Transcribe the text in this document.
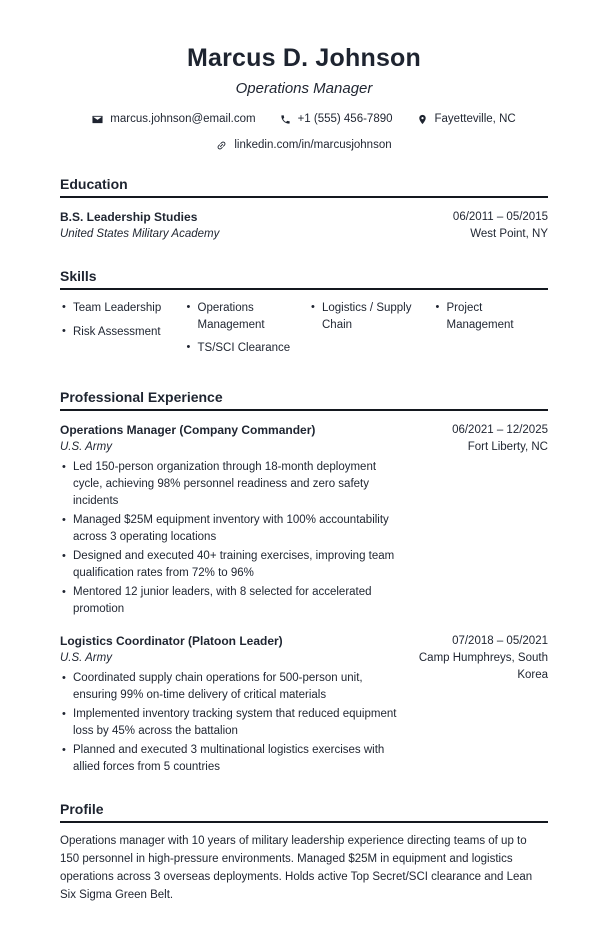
Marcus D. Johnson
Operations Manager
marcus.johnson@email.com	+1 (555) 456-7890	Fayetteville, NC
linkedin.com/in/marcusjohnson
Education
B.S. Leadership Studies
United States Military Academy
06/2011 – 05/2015
West Point, NY
Skills
• Team Leadership
• Risk Assessment
• Operations Management
• TS/SCI Clearance
• Logistics / Supply Chain
• Project Management
Professional Experience
Operations Manager (Company Commander)
U.S. Army
• Led 150-person organization through 18-month deployment cycle, achieving 98% personnel readiness and zero safety incidents
• Managed $25M equipment inventory with 100% accountability across 3 operating locations
• Designed and executed 40+ training exercises, improving team qualification rates from 72% to 96%
• Mentored 12 junior leaders, with 8 selected for accelerated promotion
06/2021 – 12/2025
Fort Liberty, NC
Logistics Coordinator (Platoon Leader)
U.S. Army
• Coordinated supply chain operations for 500-person unit, ensuring 99% on-time delivery of critical materials
• Implemented inventory tracking system that reduced equipment loss by 45% across the battalion
• Planned and executed 3 multinational logistics exercises with allied forces from 5 countries
07/2018 – 05/2021
Camp Humphreys, South Korea
Profile

Operations manager with 10 years of military leadership experience directing teams of up to 150 personnel in high-pressure environments. Managed $25M in equipment and logistics operations across 3 overseas deployments. Holds active Top Secret/SCI clearance and Lean Six Sigma Green Belt.
